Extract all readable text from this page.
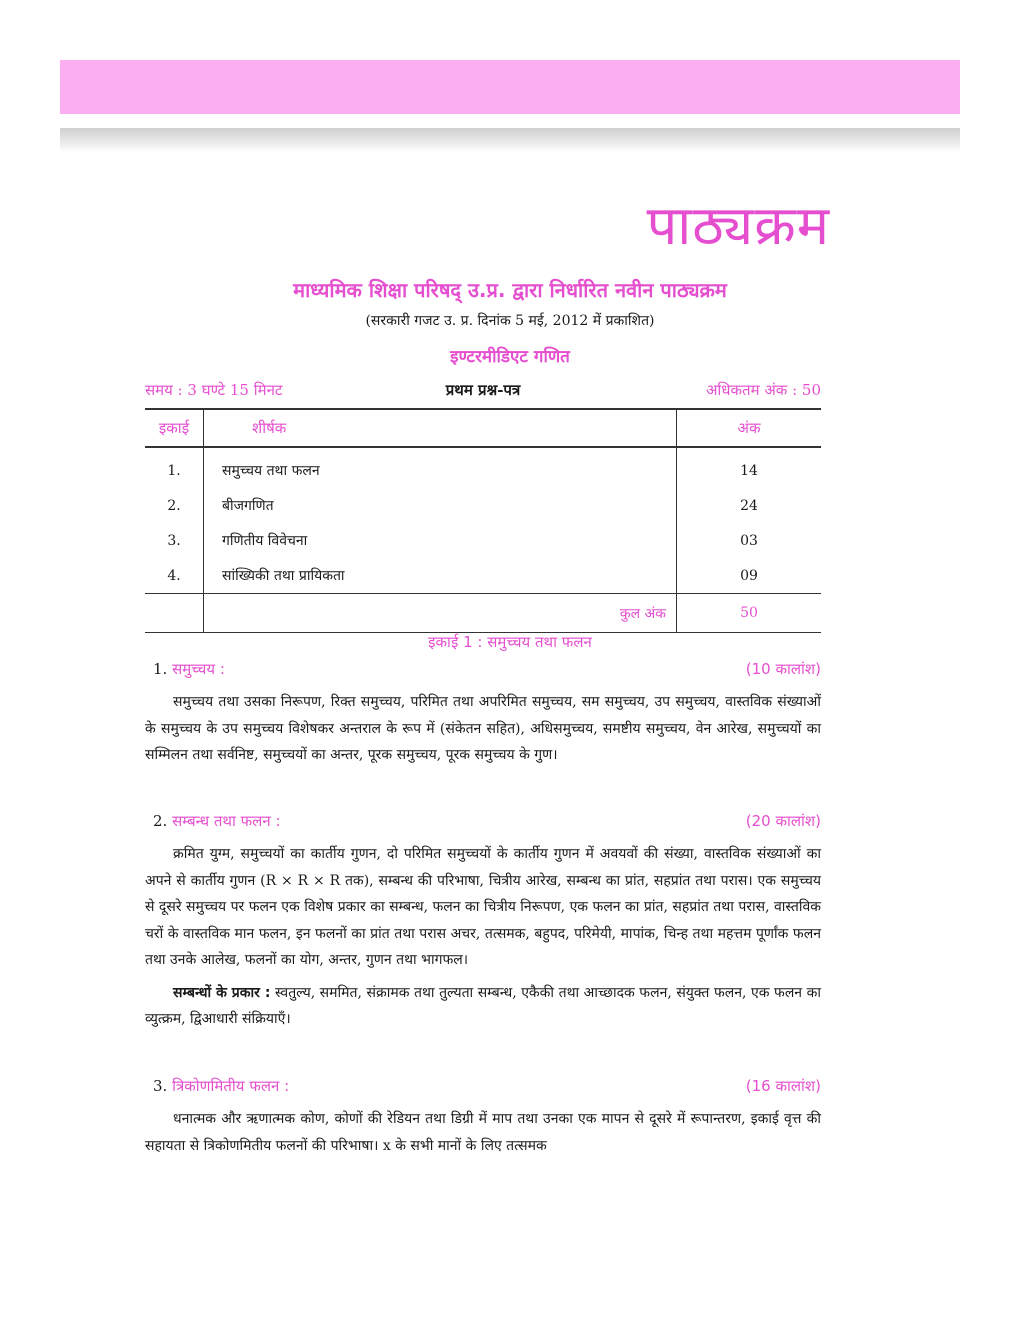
पाठ्यक्रम
माध्यमिक शिक्षा परिषद् उ.प्र. द्वारा निर्धारित नवीन पाठ्यक्रम
(सरकारी गजट उ. प्र. दिनांक 5 मई, 2012 में प्रकाशित)
इण्टरमीडिएट गणित
समय : 3 घण्टे 15 मिनट	प्रथम प्रश्न-पत्र	अधिकतम अंक : 50
इकाई	शीर्षक	अंक
1.	समुच्चय तथा फलन	14
2.	बीजगणित	24
3.	गणितीय विवेचना	03
4.	सांख्यिकी तथा प्रायिकता	09
	कुल अंक	50
इकाई 1 : समुच्चय तथा फलन
1. समुच्चय :	(10 कालांश)

समुच्चय तथा उसका निरूपण, रिक्त समुच्चय, परिमित तथा अपरिमित समुच्चय, सम समुच्चय, उप समुच्चय, वास्तविक संख्याओं के समुच्चय के उप समुच्चय विशेषकर अन्तराल के रूप में (संकेतन सहित), अधिसमुच्चय, समष्टीय समुच्चय, वेन आरेख, समुच्चयों का सम्मिलन तथा सर्वनिष्ट, समुच्चयों का अन्तर, पूरक समुच्चय, पूरक समुच्चय के गुण।

2. सम्बन्ध तथा फलन :	(20 कालांश)

क्रमित युग्म, समुच्चयों का कार्तीय गुणन, दो परिमित समुच्चयों के कार्तीय गुणन में अवयवों की संख्या, वास्तविक संख्याओं का अपने से कार्तीय गुणन (R × R × R तक), सम्बन्ध की परिभाषा, चित्रीय आरेख, सम्बन्ध का प्रांत, सहप्रांत तथा परास। एक समुच्चय से दूसरे समुच्चय पर फलन एक विशेष प्रकार का सम्बन्ध, फलन का चित्रीय निरूपण, एक फलन का प्रांत, सहप्रांत तथा परास, वास्तविक चरों के वास्तविक मान फलन, इन फलनों का प्रांत तथा परास अचर, तत्समक, बहुपद, परिमेयी, मापांक, चिन्ह तथा महत्तम पूर्णांक फलन तथा उनके आलेख, फलनों का योग, अन्तर, गुणन तथा भागफल।

सम्बन्धों के प्रकार : स्वतुल्य, सममित, संक्रामक तथा तुल्यता सम्बन्ध, एकैकी तथा आच्छादक फलन, संयुक्त फलन, एक फलन का व्युत्क्रम, द्विआधारी संक्रियाएँ।

3. त्रिकोणमितीय फलन :	(16 कालांश)

धनात्मक और ऋणात्मक कोण, कोणों की रेडियन तथा डिग्री में माप तथा उनका एक मापन से दूसरे में रूपान्तरण, इकाई वृत्त की सहायता से त्रिकोणमितीय फलनों की परिभाषा। x के सभी मानों के लिए तत्समक
